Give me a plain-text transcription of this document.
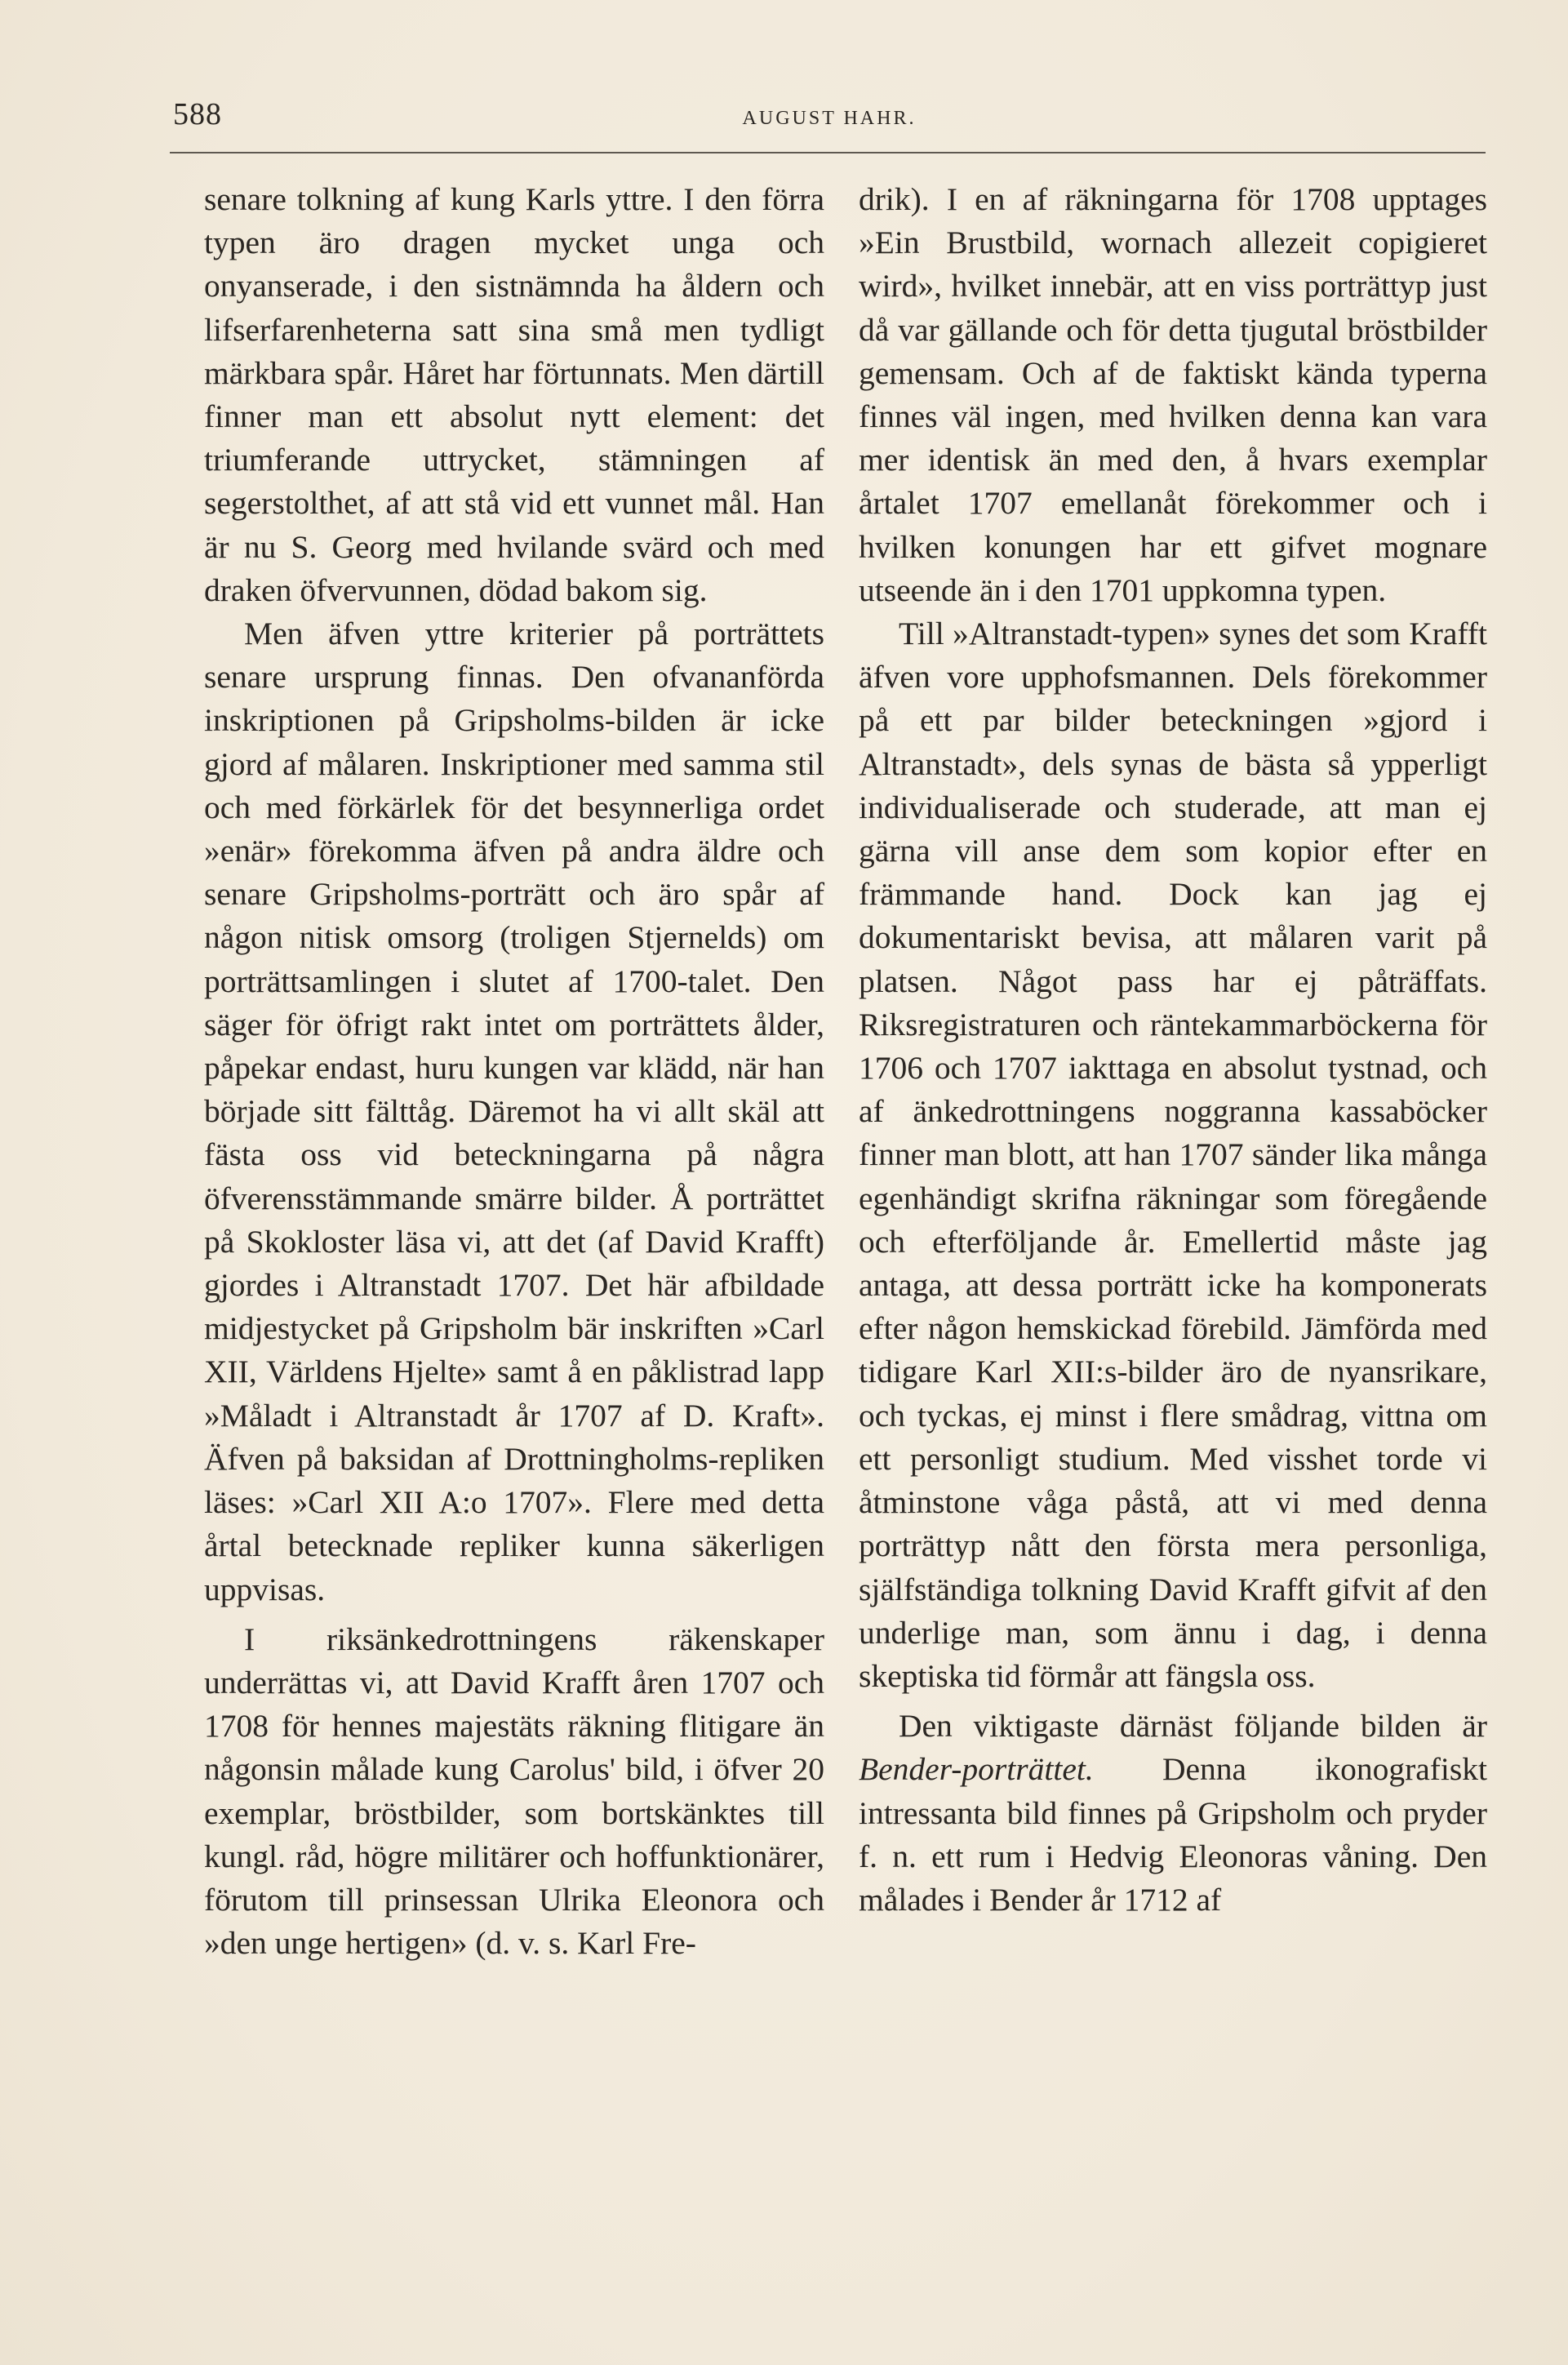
588	AUGUST HAHR.

senare tolkning af kung Karls yttre. I den förra typen äro dragen mycket unga och onyanserade, i den sistnämnda ha åldern och lifserfarenheterna satt sina små men tydligt märkbara spår. Håret har förtunnats. Men därtill finner man ett absolut nytt element: det triumferande uttrycket, stämningen af segerstolthet, af att stå vid ett vunnet mål. Han är nu S. Georg med hvilande svärd och med draken öfvervunnen, dödad bakom sig.

Men äfven yttre kriterier på porträttets senare ursprung finnas. Den ofvananförda inskriptionen på Gripsholms-bilden är icke gjord af målaren. Inskriptioner med samma stil och med förkärlek för det besynnerliga ordet »enär» förekomma äfven på andra äldre och senare Gripsholms-porträtt och äro spår af någon nitisk omsorg (troligen Stjernelds) om porträttsamlingen i slutet af 1700-talet. Den säger för öfrigt rakt intet om porträttets ålder, påpekar endast, huru kungen var klädd, när han började sitt fälttåg. Däremot ha vi allt skäl att fästa oss vid beteckningarna på några öfverensstämmande smärre bilder. Å porträttet på Skokloster läsa vi, att det (af David Krafft) gjordes i Altranstadt 1707. Det här afbildade midjestycket på Gripsholm bär inskriften »Carl XII, Världens Hjelte» samt å en påklistrad lapp »Måladt i Altranstadt år 1707 af D. Kraft». Äfven på baksidan af Drottningholms-repliken läses: »Carl XII A:o 1707». Flere med detta årtal betecknade repliker kunna säkerligen uppvisas.

I riksänkedrottningens räkenskaper underrättas vi, att David Krafft åren 1707 och 1708 för hennes majestäts räkning flitigare än någonsin målade kung Carolus' bild, i öfver 20 exemplar, bröstbilder, som bortskänktes till kungl. råd, högre militärer och hoffunktionärer, förutom till prinsessan Ulrika Eleonora och »den unge hertigen» (d. v. s. Karl Fre-

drik). I en af räkningarna för 1708 upptages »Ein Brustbild, wornach allezeit copigieret wird», hvilket innebär, att en viss porträttyp just då var gällande och för detta tjugutal bröstbilder gemensam. Och af de faktiskt kända typerna finnes väl ingen, med hvilken denna kan vara mer identisk än med den, å hvars exemplar årtalet 1707 emellanåt förekommer och i hvilken konungen har ett gifvet mognare utseende än i den 1701 uppkomna typen.

Till »Altranstadt-typen» synes det som Krafft äfven vore upphofsmannen. Dels förekommer på ett par bilder beteckningen »gjord i Altranstadt», dels synas de bästa så ypperligt individualiserade och studerade, att man ej gärna vill anse dem som kopior efter en främmande hand. Dock kan jag ej dokumentariskt bevisa, att målaren varit på platsen. Något pass har ej påträffats. Riksregistraturen och räntekammarböckerna för 1706 och 1707 iakttaga en absolut tystnad, och af änkedrottningens noggranna kassaböcker finner man blott, att han 1707 sänder lika många egenhändigt skrifna räkningar som föregående och efterföljande år. Emellertid måste jag antaga, att dessa porträtt icke ha komponerats efter någon hemskickad förebild. Jämförda med tidigare Karl XII:s-bilder äro de nyansrikare, och tyckas, ej minst i flere smådrag, vittna om ett personligt studium. Med visshet torde vi åtminstone våga påstå, att vi med denna porträttyp nått den första mera personliga, själfständiga tolkning David Krafft gifvit af den underlige man, som ännu i dag, i denna skeptiska tid förmår att fängsla oss.

Den viktigaste därnäst följande bilden är Bender-porträttet. Denna ikonografiskt intressanta bild finnes på Gripsholm och pryder f. n. ett rum i Hedvig Eleonoras våning. Den målades i Bender år 1712 af
